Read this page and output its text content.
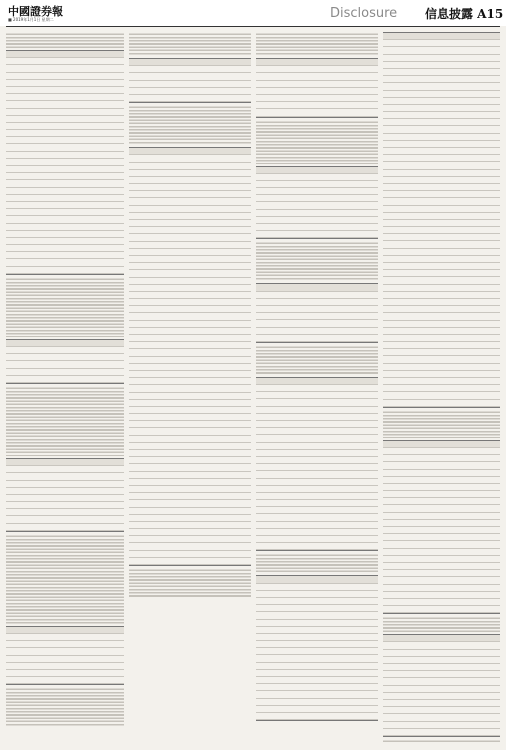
中國證券報
■ 2019年1月1日 星期二	Disclosure 信息披露 A15
